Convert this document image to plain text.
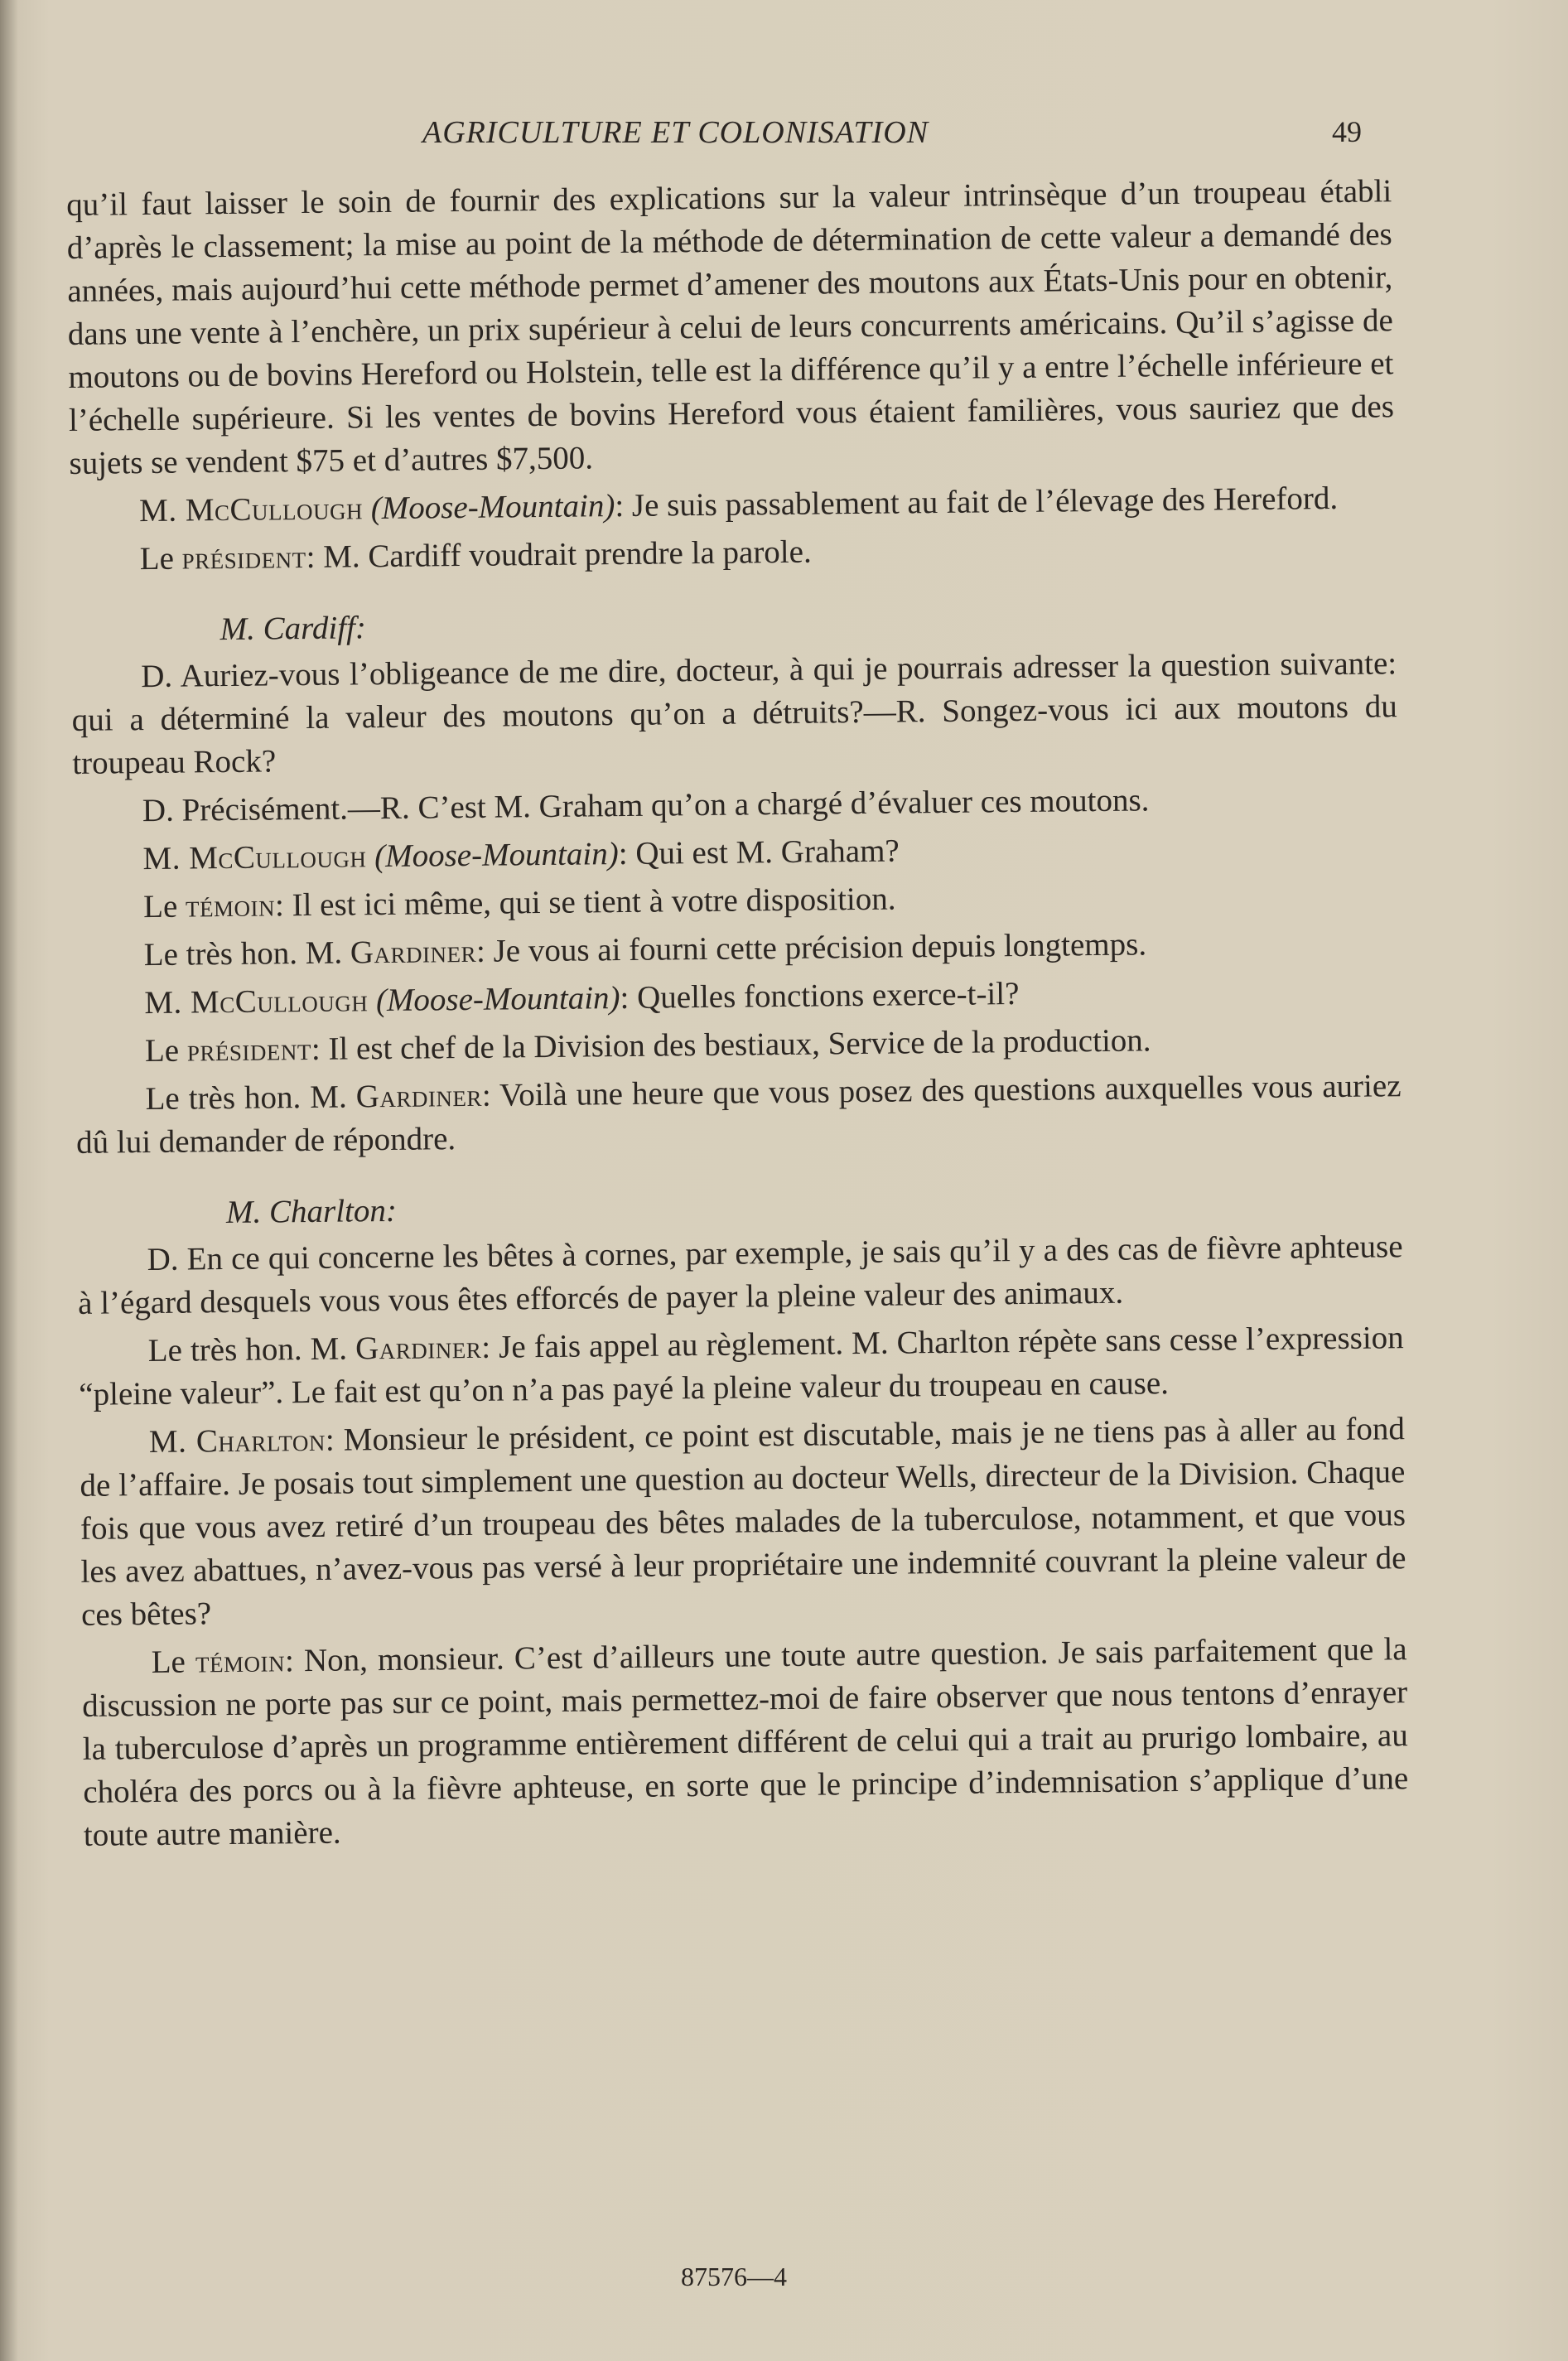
AGRICULTURE ET COLONISATION	49

qu’il faut laisser le soin de fournir des explications sur la valeur intrinsèque d’un troupeau établi d’après le classement; la mise au point de la méthode de détermination de cette valeur a demandé des années, mais aujourd’hui cette méthode permet d’amener des moutons aux États-Unis pour en obtenir, dans une vente à l’enchère, un prix supérieur à celui de leurs concurrents américains. Qu’il s’agisse de moutons ou de bovins Hereford ou Holstein, telle est la différence qu’il y a entre l’échelle inférieure et l’échelle supérieure. Si les ventes de bovins Hereford vous étaient familières, vous sauriez que des sujets se vendent $75 et d’autres $7,500.

M. McCullough (Moose-Mountain): Je suis passablement au fait de l’élevage des Hereford.

Le président: M. Cardiff voudrait prendre la parole.

M. Cardiff:

D. Auriez-vous l’obligeance de me dire, docteur, à qui je pourrais adresser la question suivante: qui a déterminé la valeur des moutons qu’on a détruits?—R. Songez-vous ici aux moutons du troupeau Rock?

D. Précisément.—R. C’est M. Graham qu’on a chargé d’évaluer ces moutons.

M. McCullough (Moose-Mountain): Qui est M. Graham?

Le témoin: Il est ici même, qui se tient à votre disposition.

Le très hon. M. Gardiner: Je vous ai fourni cette précision depuis longtemps.

M. McCullough (Moose-Mountain): Quelles fonctions exerce-t-il?

Le président: Il est chef de la Division des bestiaux, Service de la production.

Le très hon. M. Gardiner: Voilà une heure que vous posez des questions auxquelles vous auriez dû lui demander de répondre.

M. Charlton:

D. En ce qui concerne les bêtes à cornes, par exemple, je sais qu’il y a des cas de fièvre aphteuse à l’égard desquels vous vous êtes efforcés de payer la pleine valeur des animaux.

Le très hon. M. Gardiner: Je fais appel au règlement. M. Charlton répète sans cesse l’expression “pleine valeur”. Le fait est qu’on n’a pas payé la pleine valeur du troupeau en cause.

M. Charlton: Monsieur le président, ce point est discutable, mais je ne tiens pas à aller au fond de l’affaire. Je posais tout simplement une question au docteur Wells, directeur de la Division. Chaque fois que vous avez retiré d’un troupeau des bêtes malades de la tuberculose, notamment, et que vous les avez abattues, n’avez-vous pas versé à leur propriétaire une indemnité couvrant la pleine valeur de ces bêtes?

Le témoin: Non, monsieur. C’est d’ailleurs une toute autre question. Je sais parfaitement que la discussion ne porte pas sur ce point, mais permettez-moi de faire observer que nous tentons d’enrayer la tuberculose d’après un programme entièrement différent de celui qui a trait au prurigo lombaire, au choléra des porcs ou à la fièvre aphteuse, en sorte que le principe d’indemnisation s’applique d’une toute autre manière.

87576—4
